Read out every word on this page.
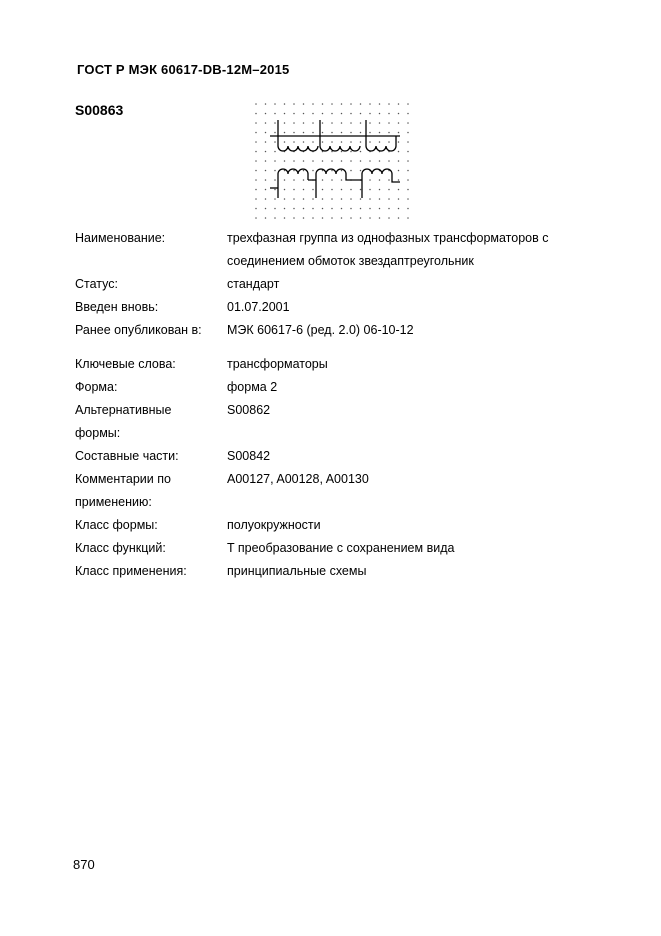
ГОСТ Р МЭК 60617-DB-12M–2015
S00863
Наименование:	трехфазная группа из однофазных трансформаторов с
соединением обмоток звездаптреугольник
Статус:	стандарт
Введен вновь:	01.07.2001
Ранее опубликован в:	МЭК 60617-6 (ред. 2.0) 06-10-12
Ключевые слова:	трансформаторы
Форма:	форма 2
Альтернативные
формы:
S00862
Составные части:	S00842
Комментарии по
применению:
A00127, A00128, A00130
Класс формы:	полуокружности
Класс функций:	T преобразование с сохранением вида
Класс применения:	принципиальные схемы
870
